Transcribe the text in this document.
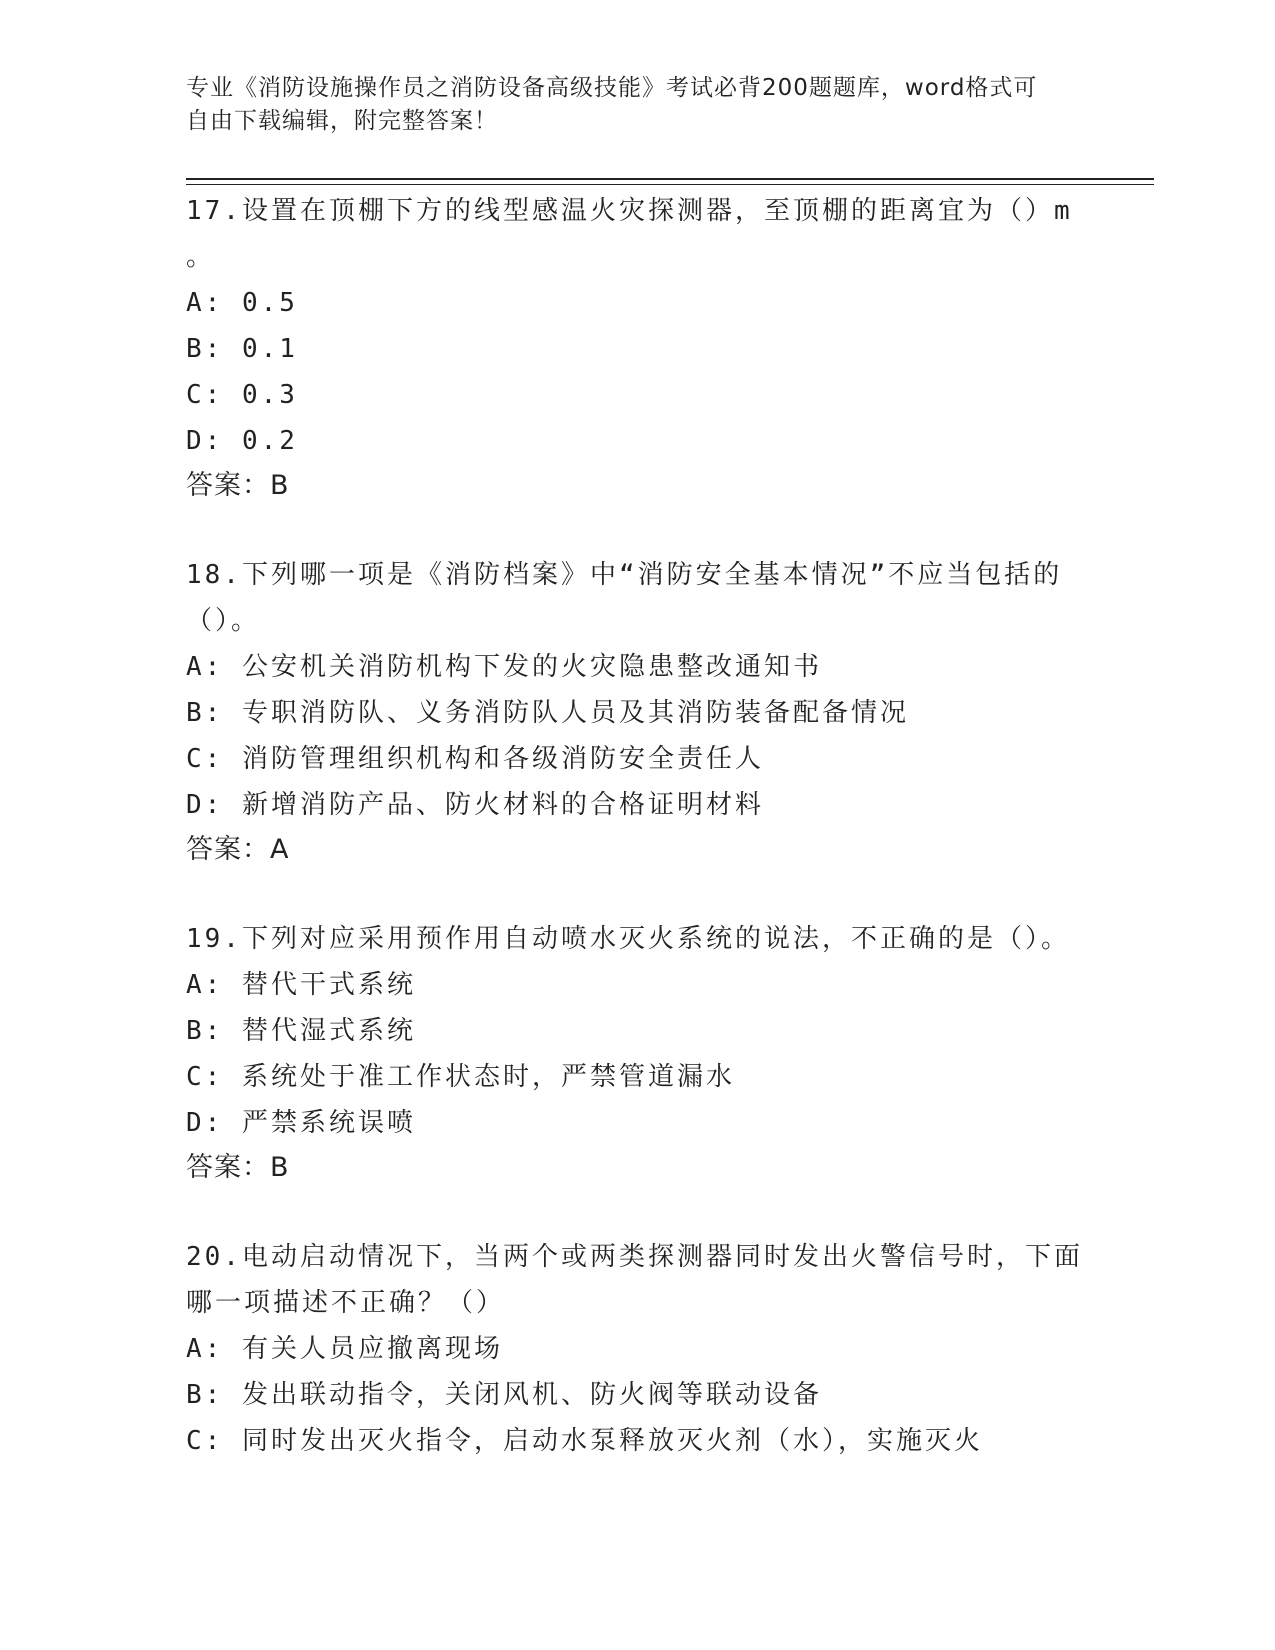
专业《消防设施操作员之消防设备高级技能》考试必背200题题库，word格式可
自由下载编辑，附完整答案！
17.设置在顶棚下方的线型感温火灾探测器，至顶棚的距离宜为（）m
。
A: 0.5
B: 0.1
C: 0.3
D: 0.2
答案：B
18.下列哪一项是《消防档案》中“消防安全基本情况”不应当包括的
（）。
A: 公安机关消防机构下发的火灾隐患整改通知书
B: 专职消防队、义务消防队人员及其消防装备配备情况
C: 消防管理组织机构和各级消防安全责任人
D: 新增消防产品、防火材料的合格证明材料
答案：A
19.下列对应采用预作用自动喷水灭火系统的说法，不正确的是（）。
A: 替代干式系统
B: 替代湿式系统
C: 系统处于准工作状态时，严禁管道漏水
D: 严禁系统误喷
答案：B
20.电动启动情况下，当两个或两类探测器同时发出火警信号时，下面
哪一项描述不正确？（）
A: 有关人员应撤离现场
B: 发出联动指令，关闭风机、防火阀等联动设备
C: 同时发出灭火指令，启动水泵释放灭火剂（水），实施灭火
